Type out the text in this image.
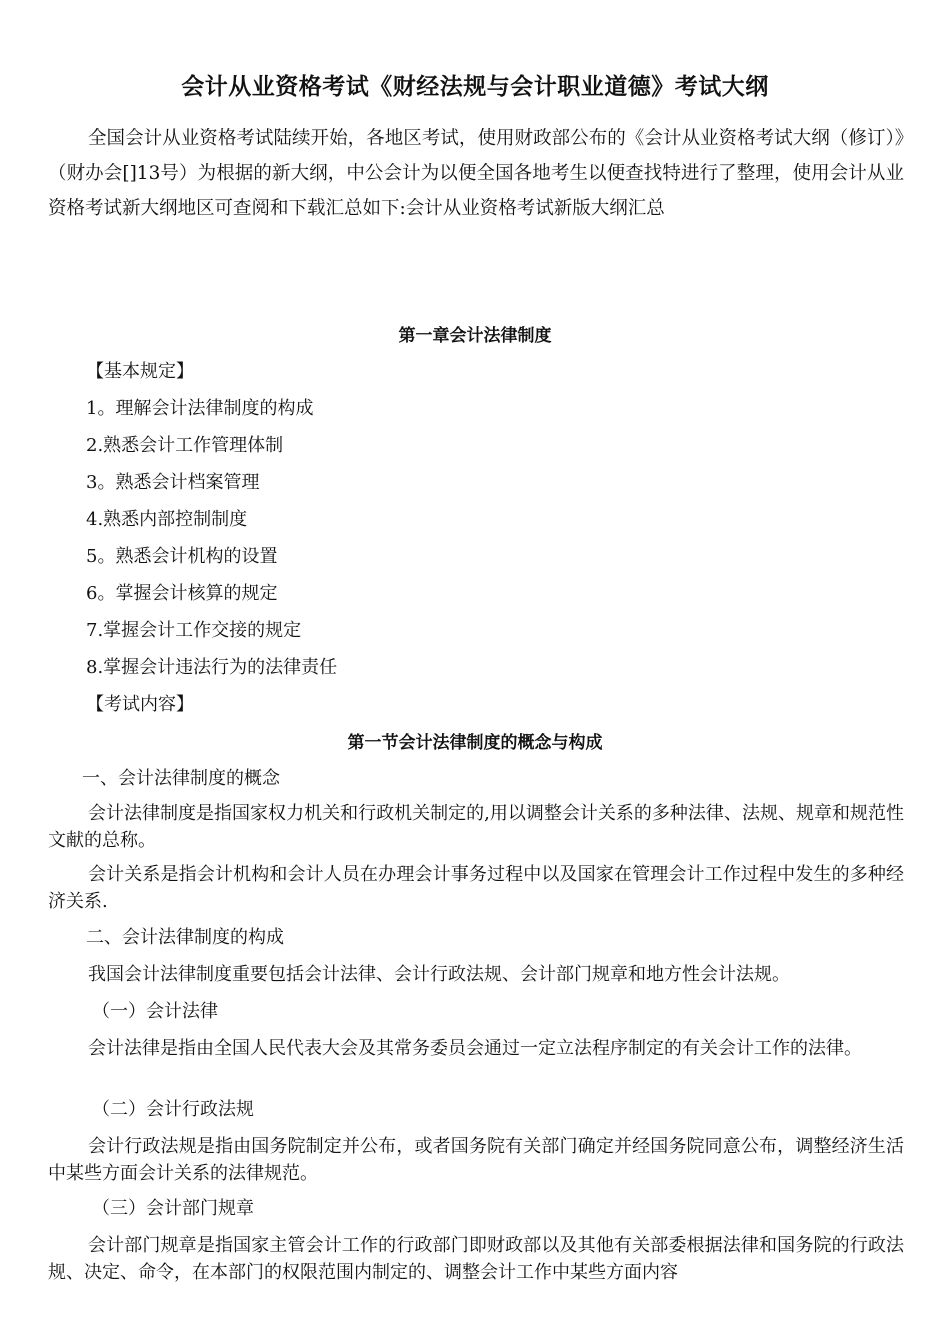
会计从业资格考试《财经法规与会计职业道德》考试大纲

全国会计从业资格考试陆续开始，各地区考试，使用财政部公布的《会计从业资格考试大纲（修订）》（财办会[]13号）为根据的新大纲，中公会计为以便全国各地考生以便查找特进行了整理，使用会计从业资格考试新大纲地区可查阅和下载汇总如下:会计从业资格考试新版大纲汇总

第一章会计法律制度
【基本规定】
1。理解会计法律制度的构成
2.熟悉会计工作管理体制
3。熟悉会计档案管理
4.熟悉内部控制制度
5。熟悉会计机构的设置
6。掌握会计核算的规定
7.掌握会计工作交接的规定
8.掌握会计违法行为的法律责任
【考试内容】
第一节会计法律制度的概念与构成
一、会计法律制度的概念

会计法律制度是指国家权力机关和行政机关制定的,用以调整会计关系的多种法律、法规、规章和规范性文献的总称。

会计关系是指会计机构和会计人员在办理会计事务过程中以及国家在管理会计工作过程中发生的多种经济关系.

二、会计法律制度的构成

我国会计法律制度重要包括会计法律、会计行政法规、会计部门规章和地方性会计法规。

（一）会计法律

会计法律是指由全国人民代表大会及其常务委员会通过一定立法程序制定的有关会计工作的法律。

（二）会计行政法规

会计行政法规是指由国务院制定并公布，或者国务院有关部门确定并经国务院同意公布，调整经济生活中某些方面会计关系的法律规范。

（三）会计部门规章

会计部门规章是指国家主管会计工作的行政部门即财政部以及其他有关部委根据法律和国务院的行政法规、决定、命令，在本部门的权限范围内制定的、调整会计工作中某些方面内容
